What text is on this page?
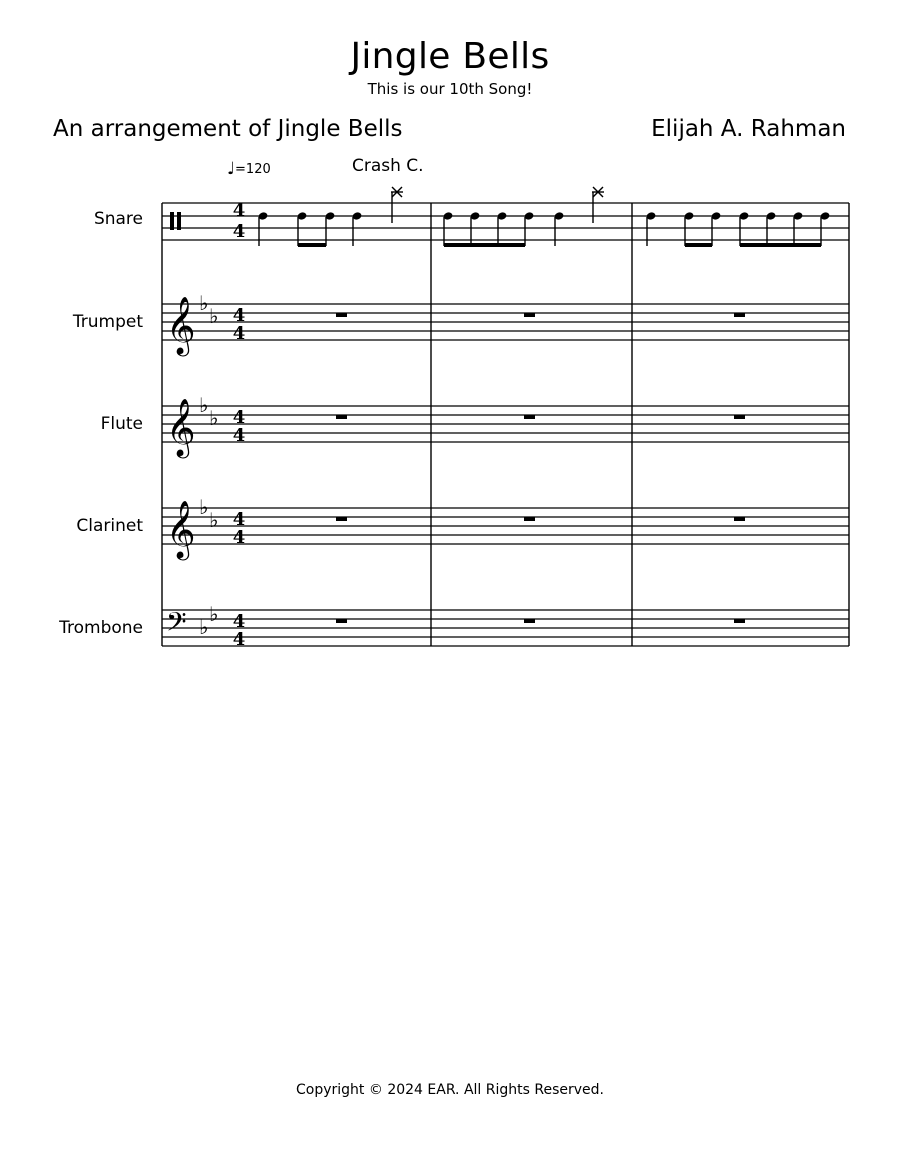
Jingle Bells
This is our 10th Song!
An arrangement of Jingle Bells	Elijah A. Rahman
♩=120	Crash C.
Snare
Trumpet
Flute
Clarinet
Trombone
𝄞
𝄞
𝄞
𝄢
♭
♭
♭
♭
♭
♭
♭
♭
4
4
4
4
4
4
4
4
4
4
Copyright © 2024 EAR. All Rights Reserved.
